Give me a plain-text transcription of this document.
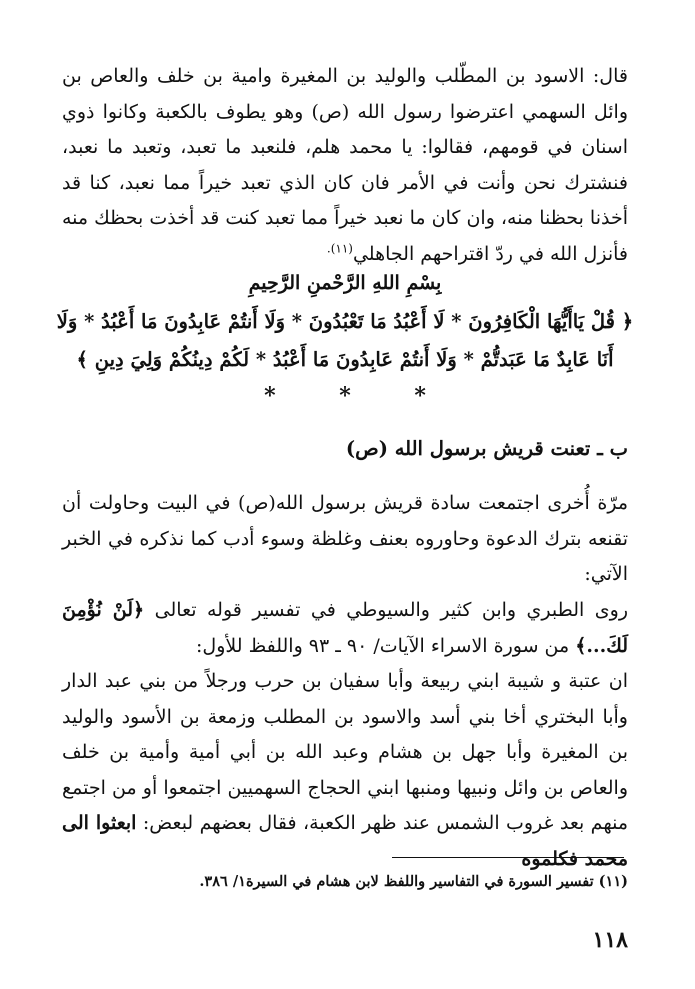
قال: الاسود بن المطّلب والوليد بن المغيرة وامية بن خلف والعاص بن وائل السهمي اعترضوا رسول الله (ص) وهو يطوف بالكعبة وكانوا ذوي اسنان في قومهم، فقالوا: يا محمد هلم، فلنعبد ما تعبد، وتعبد ما نعبد، فنشترك نحن وأنت في الأمر فان كان الذي تعبد خيراً مما نعبد، كنا قد أخذنا بحظنا منه، وان كان ما نعبد خيراً مما تعبد كنت قد أخذت بحظك منه فأنزل الله في ردّ اقتراحهم الجاهلي$^{(١١).}$

بِسْمِ اللهِ الرَّحْمنِ الرَّحِيمِ
﴿ قُلْ يَاأَيُّهَا الْكَافِرُونَ * لَا أَعْبُدُ مَا تَعْبُدُونَ * وَلَا أَنتُمْ عَابِدُونَ مَا أَعْبُدُ * وَلَا أَنَا عَابِدٌ مَا عَبَدتُّمْ * وَلَا أَنتُمْ عَابِدُونَ مَا أَعْبُدُ * لَكُمْ دِينُكُمْ وَلِيَ دِينِ ﴾
* * *
ب ـ تعنت قريش برسول الله (ص)

مرّة أُخرى اجتمعت سادة قريش برسول الله(ص) في البيت وحاولت أن تقنعه بترك الدعوة وحاوروه بعنف وغلظة وسوء أدب كما نذكره في الخبر الآتي:

روى الطبري وابن كثير والسيوطي في تفسير قوله تعالى ﴿لَنْ نُؤْمِنَ لَكَ...﴾ من سورة الاسراء الآيات/ ٩٠ ـ ٩٣ واللفظ للأول:

ان عتبة و شيبة ابني ربيعة وأبا سفيان بن حرب ورجلاً من بني عبد الدار وأبا البختري أخا بني أسد والاسود بن المطلب وزمعة بن الأسود والوليد بن المغيرة وأبا جهل بن هشام وعبد الله بن أبي أمية وأمية بن خلف والعاص بن وائل ونبيها ومنبها ابني الحجاج السهميين اجتمعوا أو من اجتمع منهم بعد غروب الشمس عند ظهر الكعبة، فقال بعضهم لبعض: ابعثوا الى محمد فكلموه

(١١) تفسير السورة في التفاسير واللفظ لابن هشام في السيرة١/ ٣٨٦.
١١٨
